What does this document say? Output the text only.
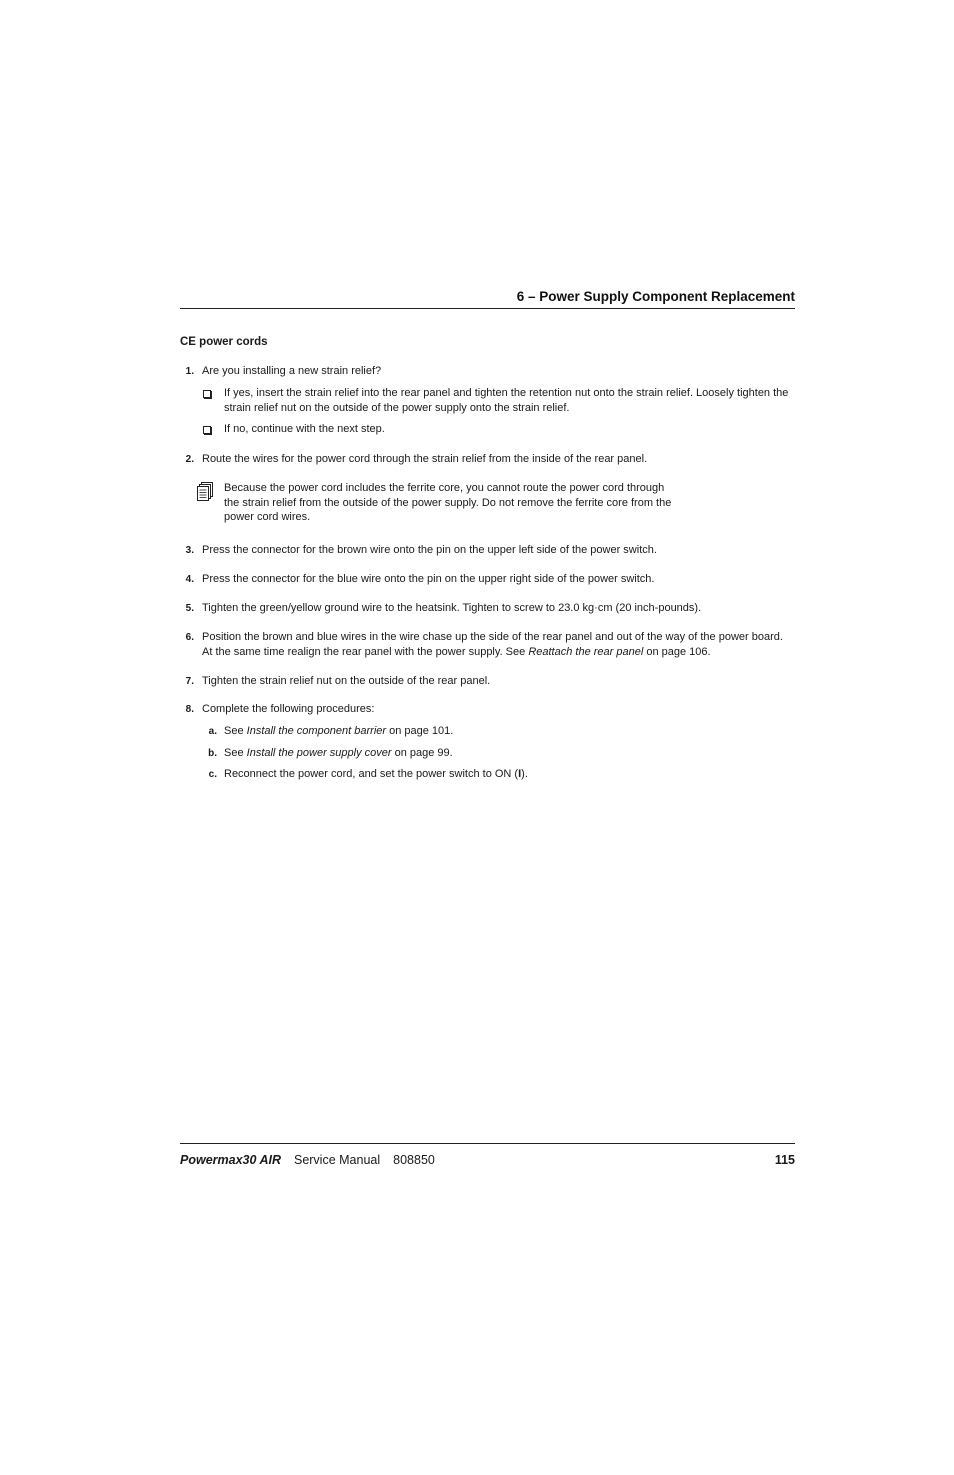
6 – Power Supply Component Replacement
CE power cords
1. Are you installing a new strain relief?
If yes, insert the strain relief into the rear panel and tighten the retention nut onto the strain relief. Loosely tighten the strain relief nut on the outside of the power supply onto the strain relief.
If no, continue with the next step.
2. Route the wires for the power cord through the strain relief from the inside of the rear panel.
Because the power cord includes the ferrite core, you cannot route the power cord through the strain relief from the outside of the power supply. Do not remove the ferrite core from the power cord wires.
3. Press the connector for the brown wire onto the pin on the upper left side of the power switch.
4. Press the connector for the blue wire onto the pin on the upper right side of the power switch.
5. Tighten the green/yellow ground wire to the heatsink. Tighten to screw to 23.0 kg·cm (20 inch-pounds).
6. Position the brown and blue wires in the wire chase up the side of the rear panel and out of the way of the power board. At the same time realign the rear panel with the power supply. See Reattach the rear panel on page 106.
7. Tighten the strain relief nut on the outside of the rear panel.
8. Complete the following procedures:
a. See Install the component barrier on page 101.
b. See Install the power supply cover on page 99.
c. Reconnect the power cord, and set the power switch to ON (I).
Powermax30 AIR Service Manual 808850	115
